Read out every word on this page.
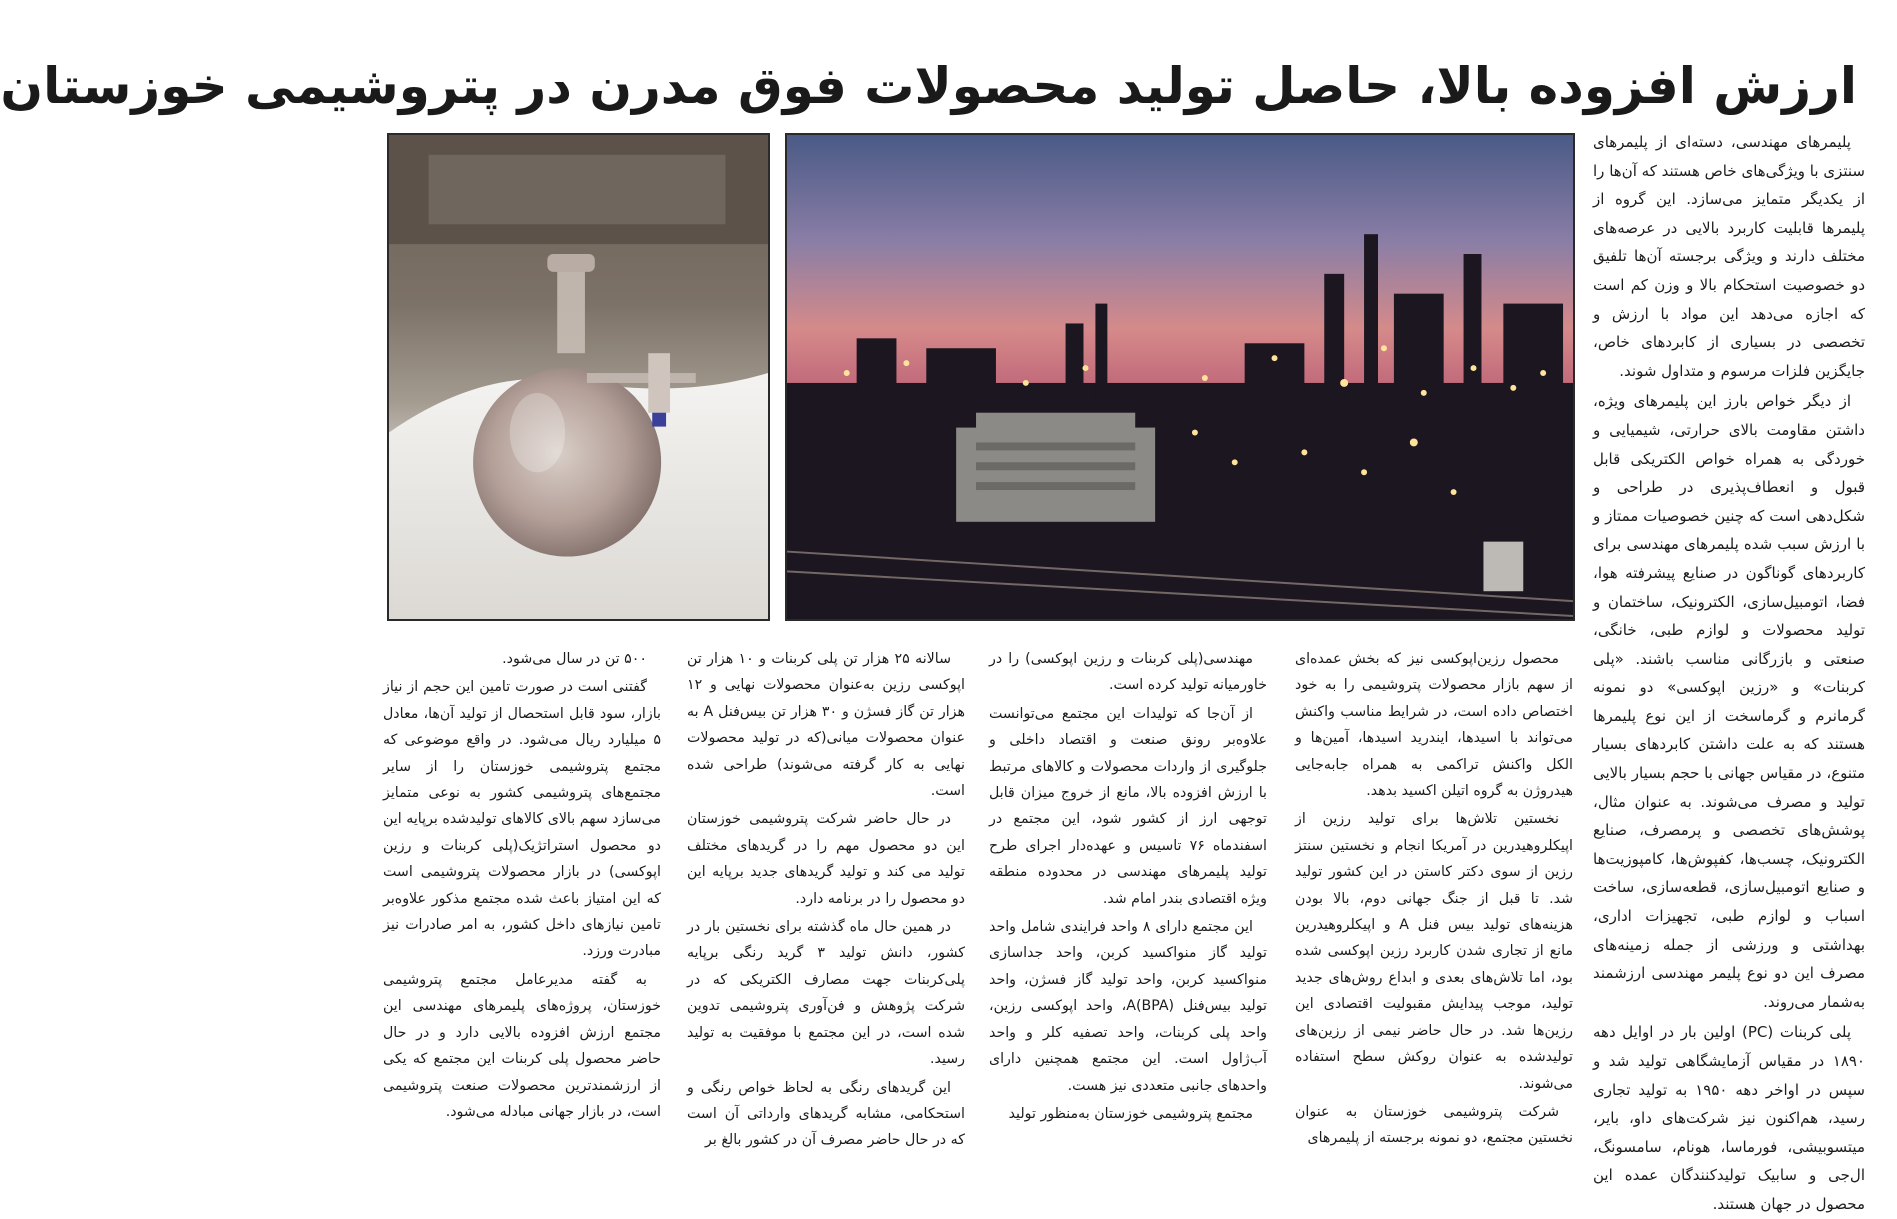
ارزش افزوده بالا، حاصل تولید محصولات فوق مدرن در پتروشیمی خوزستان

پلیمرهای مهندسی، دسته‌ای از پلیمرهای سنتزی با ویژگی‌های خاص هستند که آن‌ها را از یکدیگر متمایز می‌سازد. این گروه از پلیمرها قابلیت کاربرد بالایی در عرصه‌های مختلف دارند و ویژگی برجسته آن‌ها تلفیق دو خصوصیت استحکام بالا و وزن کم است که اجازه می‌دهد این مواد با ارزش و تخصصی در بسیاری از کابردهای خاص، جایگزین فلزات مرسوم و متداول شوند.

از دیگر خواص بارز این پلیمرهای ویژه، داشتن مقاومت بالای حرارتی، شیمیایی و خوردگی به همراه خواص الکتریکی قابل قبول و انعطاف‌پذیری در طراحی و شکل‌دهی است که چنین خصوصیات ممتاز و با ارزش سبب شده پلیمرهای مهندسی برای کاربردهای گوناگون در صنایع پیشرفته هوا، فضا، اتومبیل‌سازی، الکترونیک، ساختمان و تولید محصولات و لوازم طبی، خانگی، صنعتی و بازرگانی مناسب باشند. «پلی کربنات» و «رزین اپوکسی» دو نمونه گرمانرم و گرماسخت از این نوع پلیمرها هستند که به علت داشتن کابردهای بسیار متنوع، در مقیاس جهانی با حجم بسیار بالایی تولید و مصرف می‌شوند. به عنوان مثال، پوشش‌های تخصصی و پرمصرف، صنایع الکترونیک، چسب‌ها، کفپوش‌ها، کامپوزیت‌ها و صنایع اتومبیل‌سازی، قطعه‌سازی، ساخت اسباب و لوازم طبی، تجهیزات اداری، بهداشتی و ورزشی از جمله زمینه‌های مصرف این دو نوع پلیمر مهندسی ارزشمند به‌شمار می‌روند.

پلی کربنات (PC) اولین بار در اوایل دهه ۱۸۹۰ در مقیاس آزمایشگاهی تولید شد و سپس در اواخر دهه ۱۹۵۰ به تولید تجاری رسید، هم‌اکنون نیز شرکت‌های داو، بایر، میتسوبیشی، فورماسا، هونام، سامسونگ، ال‌جی و سابیک تولیدکنندگان عمده این محصول در جهان هستند.

محصول رزین‌اپوکسی نیز که بخش عمده‌ای از سهم بازار محصولات پتروشیمی را به خود اختصاص داده است، در شرایط مناسب واکنش می‌تواند با اسیدها، ایندرید اسیدها، آمین‌ها و الکل واکنش تراکمی به همراه جابه‌جایی هیدروژن به گروه اتیلن اکسید بدهد.

نخستین تلاش‌ها برای تولید رزین از اپیکلروهیدرین در آمریکا انجام و نخستین سنتز رزین از سوی دکتر کاستن در این کشور تولید شد. تا قبل از جنگ جهانی دوم، بالا بودن هزینه‌های تولید بیس فنل A و اپیکلروهیدرین مانع از تجاری شدن کاربرد رزین اپوکسی شده بود، اما تلاش‌های بعدی و ابداع روش‌های جدید تولید، موجب پیدایش مقبولیت اقتصادی این رزین‌ها شد. در حال حاضر نیمی از رزین‌های تولیدشده به عنوان روکش سطح استفاده می‌شوند.

شرکت پتروشیمی خوزستان به عنوان نخستین مجتمع، دو نمونه برجسته از پلیمرهای

مهندسی(پلی کربنات و رزین اپوکسی) را در خاورمیانه تولید کرده است.

از آن‌جا که تولیدات این مجتمع می‌توانست علاوه‌بر رونق صنعت و اقتصاد داخلی و جلوگیری از واردات محصولات و کالاهای مرتبط با ارزش افزوده بالا، مانع از خروج میزان قابل توجهی ارز از کشور شود، این مجتمع در اسفندماه ۷۶ تاسیس و عهده‌دار اجرای طرح تولید پلیمرهای مهندسی در محدوده منطقه ویژه اقتصادی بندر امام شد.

این مجتمع دارای ۸ واحد فرایندی شامل واحد تولید گاز منواکسید کربن، واحد جداسازی منواکسید کربن، واحد تولید گاز فسژن، واحد تولید بیس‌فنل A(BPA)، واحد اپوکسی رزین، واحد پلی کربنات، واحد تصفیه کلر و واحد آب‌ژاول است. این مجتمع همچنین دارای واحدهای جانبی متعددی نیز هست.

مجتمع پتروشیمی خوزستان به‌منظور تولید

سالانه ۲۵ هزار تن پلی کربنات و ۱۰ هزار تن اپوکسی رزین به‌عنوان محصولات نهایی و ۱۲ هزار تن گاز فسژن و ۳۰ هزار تن بیس‌فنل A به عنوان محصولات میانی(که در تولید محصولات نهایی به کار گرفته می‌شوند) طراحی شده است.

در حال حاضر شرکت پتروشیمی خوزستان این دو محصول مهم را در گریدهای مختلف تولید می کند و تولید گریدهای جدید برپایه این دو محصول را در برنامه دارد.

در همین حال ماه گذشته برای نخستین بار در کشور، دانش تولید ۳ گرید رنگی برپایه پلی‌کربنات جهت مصارف الکتریکی که در شرکت پژوهش و فن‌آوری پتروشیمی تدوین شده است، در این مجتمع با موفقیت به تولید رسید.

این گریدهای رنگی به لحاظ خواص رنگی و استحکامی، مشابه گریدهای وارداتی آن است که در حال حاضر مصرف آن در کشور بالغ بر

۵۰۰ تن در سال می‌شود.

گفتنی است در صورت تامین این حجم از نیاز بازار، سود قابل استحصال از تولید آن‌ها، معادل ۵ میلیارد ریال می‌شود. در واقع موضوعی که مجتمع پتروشیمی خوزستان را از سایر مجتمع‌های پتروشیمی کشور به نوعی متمایز می‌سازد سهم بالای کالاهای تولیدشده برپایه این دو محصول استراتژیک(پلی کربنات و رزین اپوکسی) در بازار محصولات پتروشیمی است که این امتیاز باعث شده مجتمع مذکور علاوه‌بر تامین نیازهای داخل کشور، به امر صادرات نیز مبادرت ورزد.

به گفته مدیرعامل مجتمع پتروشیمی خوزستان، پروژه‌های پلیمرهای مهندسی این مجتمع ارزش افزوده بالایی دارد و در حال حاضر محصول پلی کربنات این مجتمع که یکی از ارزشمندترین محصولات صنعت پتروشیمی است، در بازار جهانی مبادله می‌شود.
